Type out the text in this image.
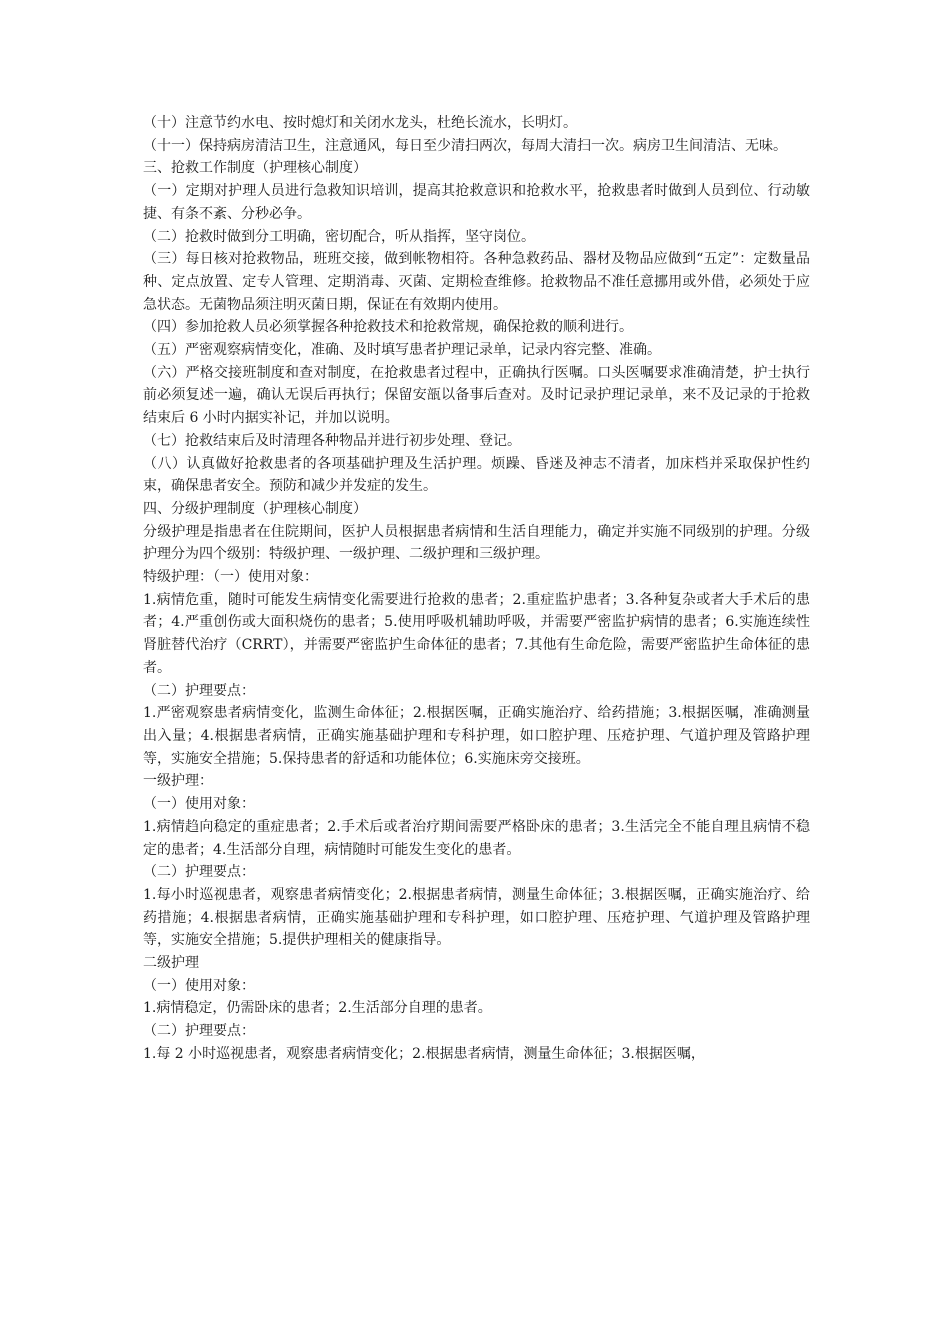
（十）注意节约水电、按时熄灯和关闭水龙头，杜绝长流水，长明灯。

（十一）保持病房清洁卫生，注意通风，每日至少清扫两次，每周大清扫一次。病房卫生间清洁、无味。

三、抢救工作制度（护理核心制度）

（一）定期对护理人员进行急救知识培训，提高其抢救意识和抢救水平，抢救患者时做到人员到位、行动敏捷、有条不紊、分秒必争。

（二）抢救时做到分工明确，密切配合，听从指挥，坚守岗位。

（三）每日核对抢救物品，班班交接，做到帐物相符。各种急救药品、器材及物品应做到“五定”：定数量品种、定点放置、定专人管理、定期消毒、灭菌、定期检查维修。抢救物品不准任意挪用或外借，必须处于应急状态。无菌物品须注明灭菌日期，保证在有效期内使用。

（四）参加抢救人员必须掌握各种抢救技术和抢救常规，确保抢救的顺利进行。

（五）严密观察病情变化，准确、及时填写患者护理记录单，记录内容完整、准确。

（六）严格交接班制度和查对制度，在抢救患者过程中，正确执行医嘱。口头医嘱要求准确清楚，护士执行前必须复述一遍，确认无误后再执行；保留安瓿以备事后查对。及时记录护理记录单，来不及记录的于抢救结束后 6 小时内据实补记，并加以说明。

（七）抢救结束后及时清理各种物品并进行初步处理、登记。

（八）认真做好抢救患者的各项基础护理及生活护理。烦躁、昏迷及神志不清者，加床档并采取保护性约束，确保患者安全。预防和减少并发症的发生。

四、分级护理制度（护理核心制度）

分级护理是指患者在住院期间，医护人员根据患者病情和生活自理能力，确定并实施不同级别的护理。分级护理分为四个级别：特级护理、一级护理、二级护理和三级护理。

特级护理：（一）使用对象：

1.病情危重，随时可能发生病情变化需要进行抢救的患者；2.重症监护患者；3.各种复杂或者大手术后的患者；4.严重创伤或大面积烧伤的患者；5.使用呼吸机辅助呼吸，并需要严密监护病情的患者；6.实施连续性肾脏替代治疗（CRRT），并需要严密监护生命体征的患者；7.其他有生命危险，需要严密监护生命体征的患者。

（二）护理要点：

1.严密观察患者病情变化，监测生命体征；2.根据医嘱，正确实施治疗、给药措施；3.根据医嘱，准确测量出入量；4.根据患者病情，正确实施基础护理和专科护理，如口腔护理、压疮护理、气道护理及管路护理等，实施安全措施；5.保持患者的舒适和功能体位；6.实施床旁交接班。

一级护理：

（一）使用对象：

1.病情趋向稳定的重症患者；2.手术后或者治疗期间需要严格卧床的患者；3.生活完全不能自理且病情不稳定的患者；4.生活部分自理，病情随时可能发生变化的患者。

（二）护理要点：

1.每小时巡视患者，观察患者病情变化；2.根据患者病情，测量生命体征；3.根据医嘱，正确实施治疗、给药措施；4.根据患者病情，正确实施基础护理和专科护理，如口腔护理、压疮护理、气道护理及管路护理等，实施安全措施；5.提供护理相关的健康指导。

二级护理

（一）使用对象：

1.病情稳定，仍需卧床的患者；2.生活部分自理的患者。

（二）护理要点：

1.每 2 小时巡视患者，观察患者病情变化；2.根据患者病情，测量生命体征；3.根据医嘱，
